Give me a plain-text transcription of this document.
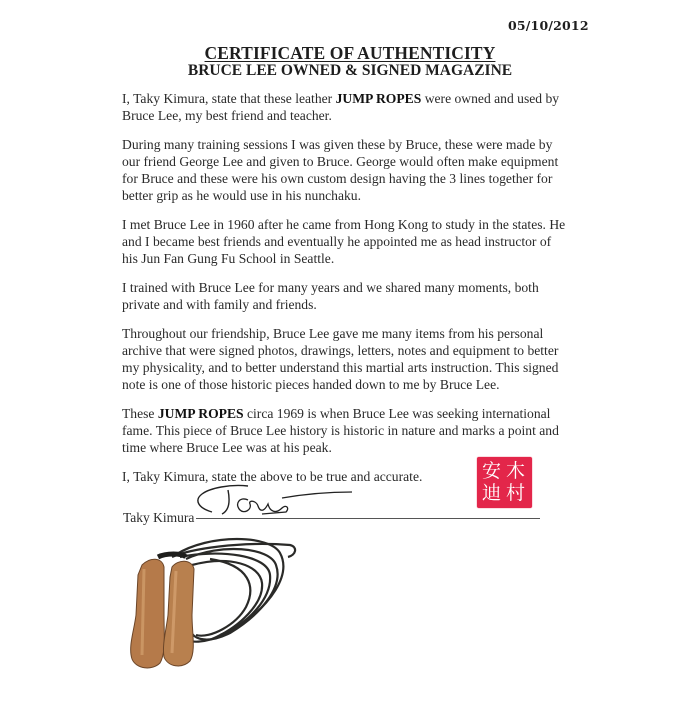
05/10/2012
CERTIFICATE OF AUTHENTICITY
BRUCE LEE OWNED & SIGNED MAGAZINE

I, Taky Kimura, state that these leather JUMP ROPES were owned and used by Bruce Lee, my best friend and teacher.

During many training sessions I was given these by Bruce, these were made by our friend George Lee and given to Bruce. George would often make equipment for Bruce and these were his own custom design having the 3 lines together for better grip as he would use in his nunchaku.

I met Bruce Lee in 1960 after he came from Hong Kong to study in the states. He and I became best friends and eventually he appointed me as head instructor of his Jun Fan Gung Fu School in Seattle.

I trained with Bruce Lee for many years and we shared many moments, both private and with family and friends.

Throughout our friendship, Bruce Lee gave me many items from his personal archive that were signed photos, drawings, letters, notes and equipment to better my physicality, and to better understand this martial arts instruction. This signed note is one of those historic pieces handed down to me by Bruce Lee.

These JUMP ROPES circa 1969 is when Bruce Lee was seeking international fame. This piece of Bruce Lee history is historic in nature and marks a point and time where Bruce Lee was at his peak.

I, Taky Kimura, state the above to be true and accurate.	安 木
迪 村
Taky Kimura
